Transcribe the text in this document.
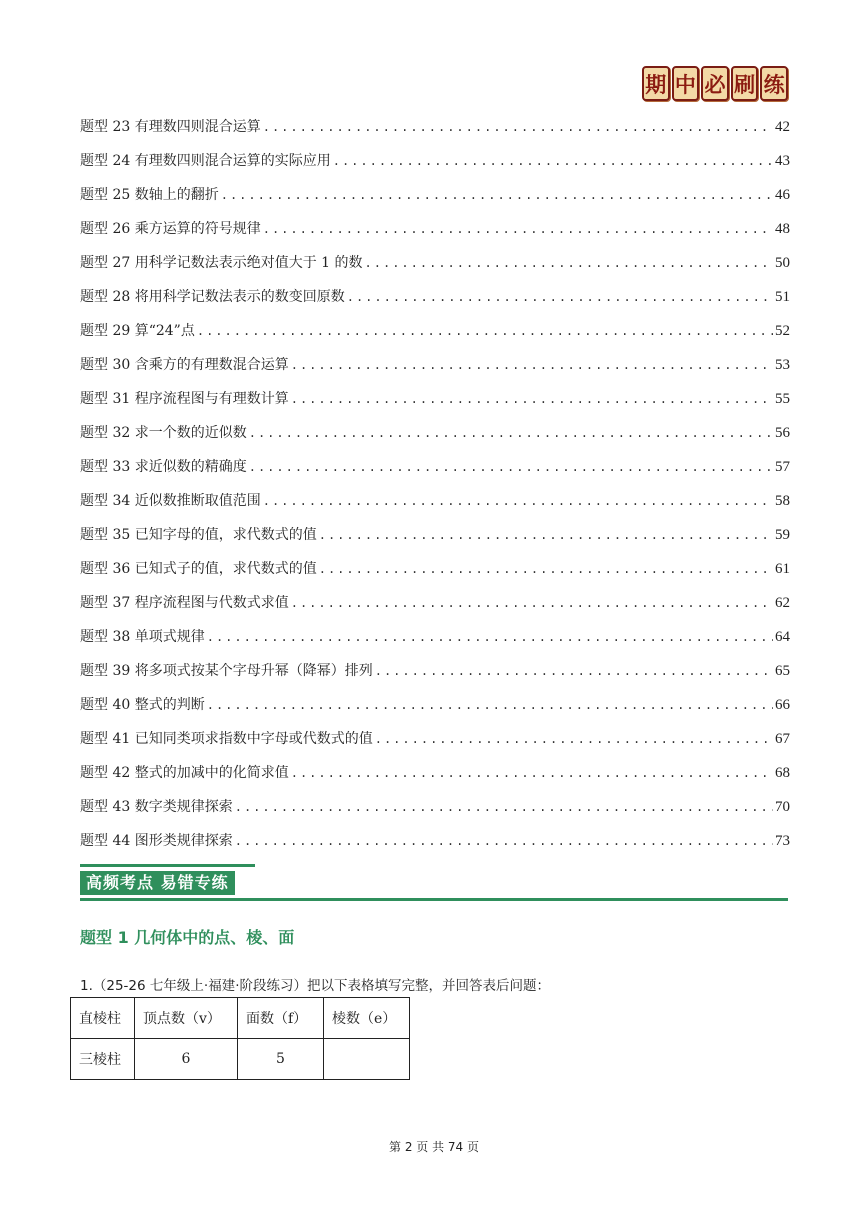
期 中 必 刷 练
题型 23 有理数四则混合运算 .....	42
题型 24 有理数四则混合运算的实际应用 .....	43
题型 25 数轴上的翻折 .....	46
题型 26 乘方运算的符号规律 .....	48
题型 27 用科学记数法表示绝对值大于 1 的数 .....	50
题型 28 将用科学记数法表示的数变回原数 .....	51
题型 29 算“24”点 .....	52
题型 30 含乘方的有理数混合运算 .....	53
题型 31 程序流程图与有理数计算 .....	55
题型 32 求一个数的近似数 .....	56
题型 33 求近似数的精确度 .....	57
题型 34 近似数推断取值范围 .....	58
题型 35 已知字母的值，求代数式的值 .....	59
题型 36 已知式子的值，求代数式的值 .....	61
题型 37 程序流程图与代数式求值 .....	62
题型 38 单项式规律 .....	64
题型 39 将多项式按某个字母升幂（降幂）排列 .....	65
题型 40 整式的判断 .....	66
题型 41 已知同类项求指数中字母或代数式的值 .....	67
题型 42 整式的加减中的化简求值 .....	68
题型 43 数字类规律探索 .....	70
题型 44 图形类规律探索 .....	73
高频考点 易错专练
题型 1 几何体中的点、棱、面
1.（25-26 七年级上·福建·阶段练习）把以下表格填写完整，并回答表后问题：
直棱柱	顶点数（v）	面数（f）	棱数（e）
三棱柱	6	5	
第 2 页 共 74 页
